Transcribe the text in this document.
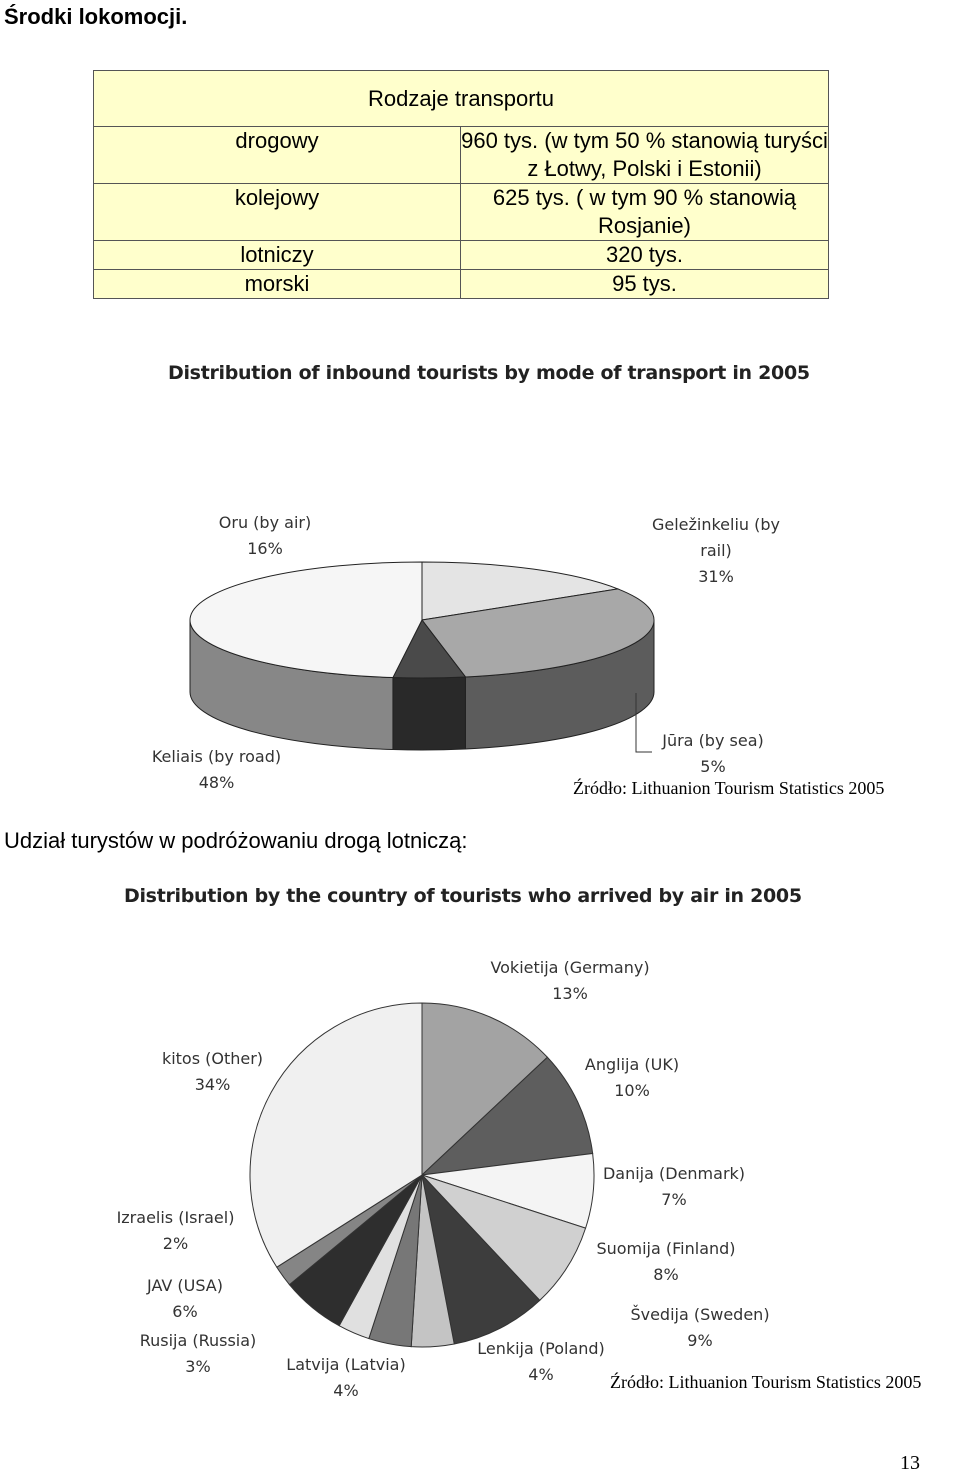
Środki lokomocji.
Rodzaje transportu	
drogowy	960 tys. (w tym 50 % stanowią turyści z Łotwy, Polski i Estonii)
kolejowy	625 tys. ( w tym 90 % stanowią Rosjanie)
lotniczy	320 tys.
morski	95 tys.
Distribution of inbound tourists by mode of transport in 2005
Oru (by air)
16%
Geležinkeliu (by
rail)
31%
Jūra (by sea)
5%
Keliais (by road)
48%	Źródło: Lithuanion Tourism Statistics 2005
Udział turystów w podróżowaniu drogą lotniczą:
Distribution by the country of tourists who arrived by air in 2005
Vokietija (Germany)
13%
Anglija (UK)
10%
Danija (Denmark)
7%
Suomija (Finland)
8%
Švedija (Sweden)
9%
Lenkija (Poland)
4%
Latvija (Latvia)
4%
Rusija (Russia)
3%
JAV (USA)
6%
Izraelis (Israel)
2%
kitos (Other)
34%
Źródło: Lithuanion Tourism Statistics 2005
13
